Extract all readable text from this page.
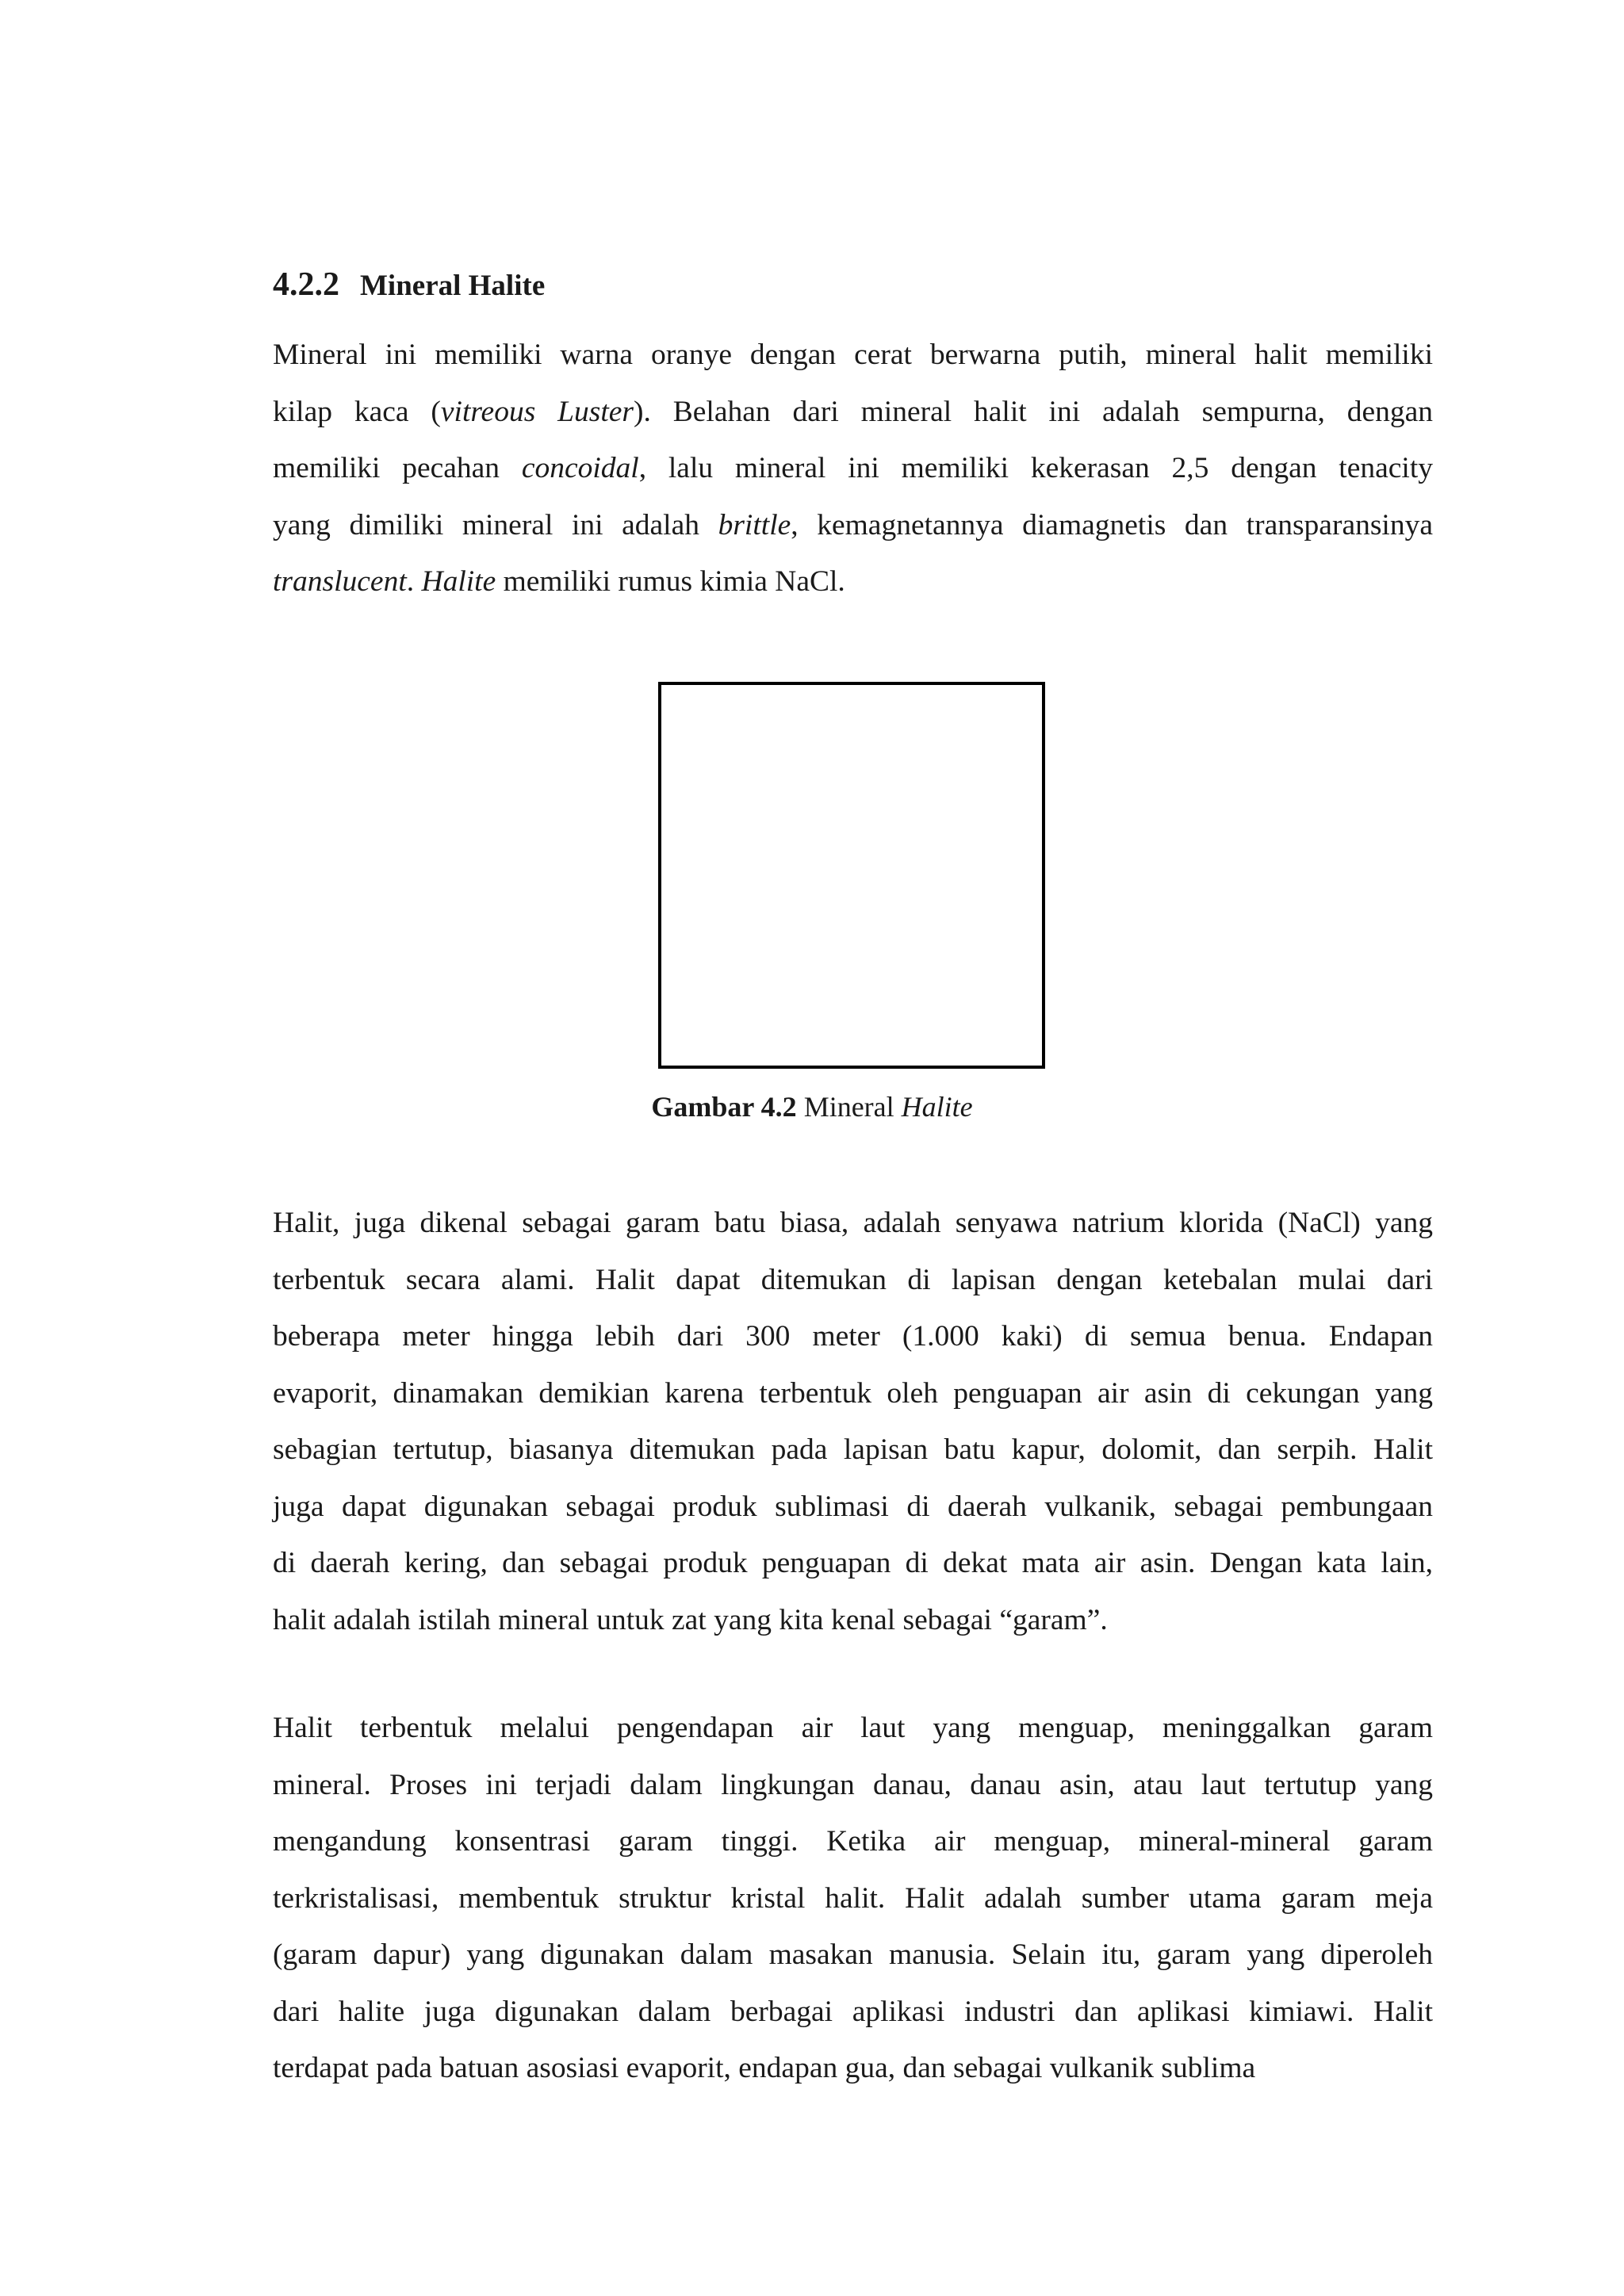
4.2.2 Mineral Halite
Mineral ini memiliki warna oranye dengan cerat berwarna putih, mineral halit memiliki
kilap kaca (vitreous Luster). Belahan dari mineral halit ini adalah sempurna, dengan
memiliki pecahan concoidal, lalu mineral ini memiliki kekerasan 2,5 dengan tenacity
yang dimiliki mineral ini adalah brittle, kemagnetannya diamagnetis dan transparansinya
translucent. Halite memiliki rumus kimia NaCl.
Gambar 4.2 Mineral Halite
Halit, juga dikenal sebagai garam batu biasa, adalah senyawa natrium klorida (NaCl) yang
terbentuk secara alami. Halit dapat ditemukan di lapisan dengan ketebalan mulai dari
beberapa meter hingga lebih dari 300 meter (1.000 kaki) di semua benua. Endapan
evaporit, dinamakan demikian karena terbentuk oleh penguapan air asin di cekungan yang
sebagian tertutup, biasanya ditemukan pada lapisan batu kapur, dolomit, dan serpih. Halit
juga dapat digunakan sebagai produk sublimasi di daerah vulkanik, sebagai pembungaan
di daerah kering, dan sebagai produk penguapan di dekat mata air asin. Dengan kata lain,
halit adalah istilah mineral untuk zat yang kita kenal sebagai “garam”.
Halit terbentuk melalui pengendapan air laut yang menguap, meninggalkan garam
mineral. Proses ini terjadi dalam lingkungan danau, danau asin, atau laut tertutup yang
mengandung konsentrasi garam tinggi. Ketika air menguap, mineral-mineral garam
terkristalisasi, membentuk struktur kristal halit. Halit adalah sumber utama garam meja
(garam dapur) yang digunakan dalam masakan manusia. Selain itu, garam yang diperoleh
dari halite juga digunakan dalam berbagai aplikasi industri dan aplikasi kimiawi. Halit
terdapat pada batuan asosiasi evaporit, endapan gua, dan sebagai vulkanik sublima
